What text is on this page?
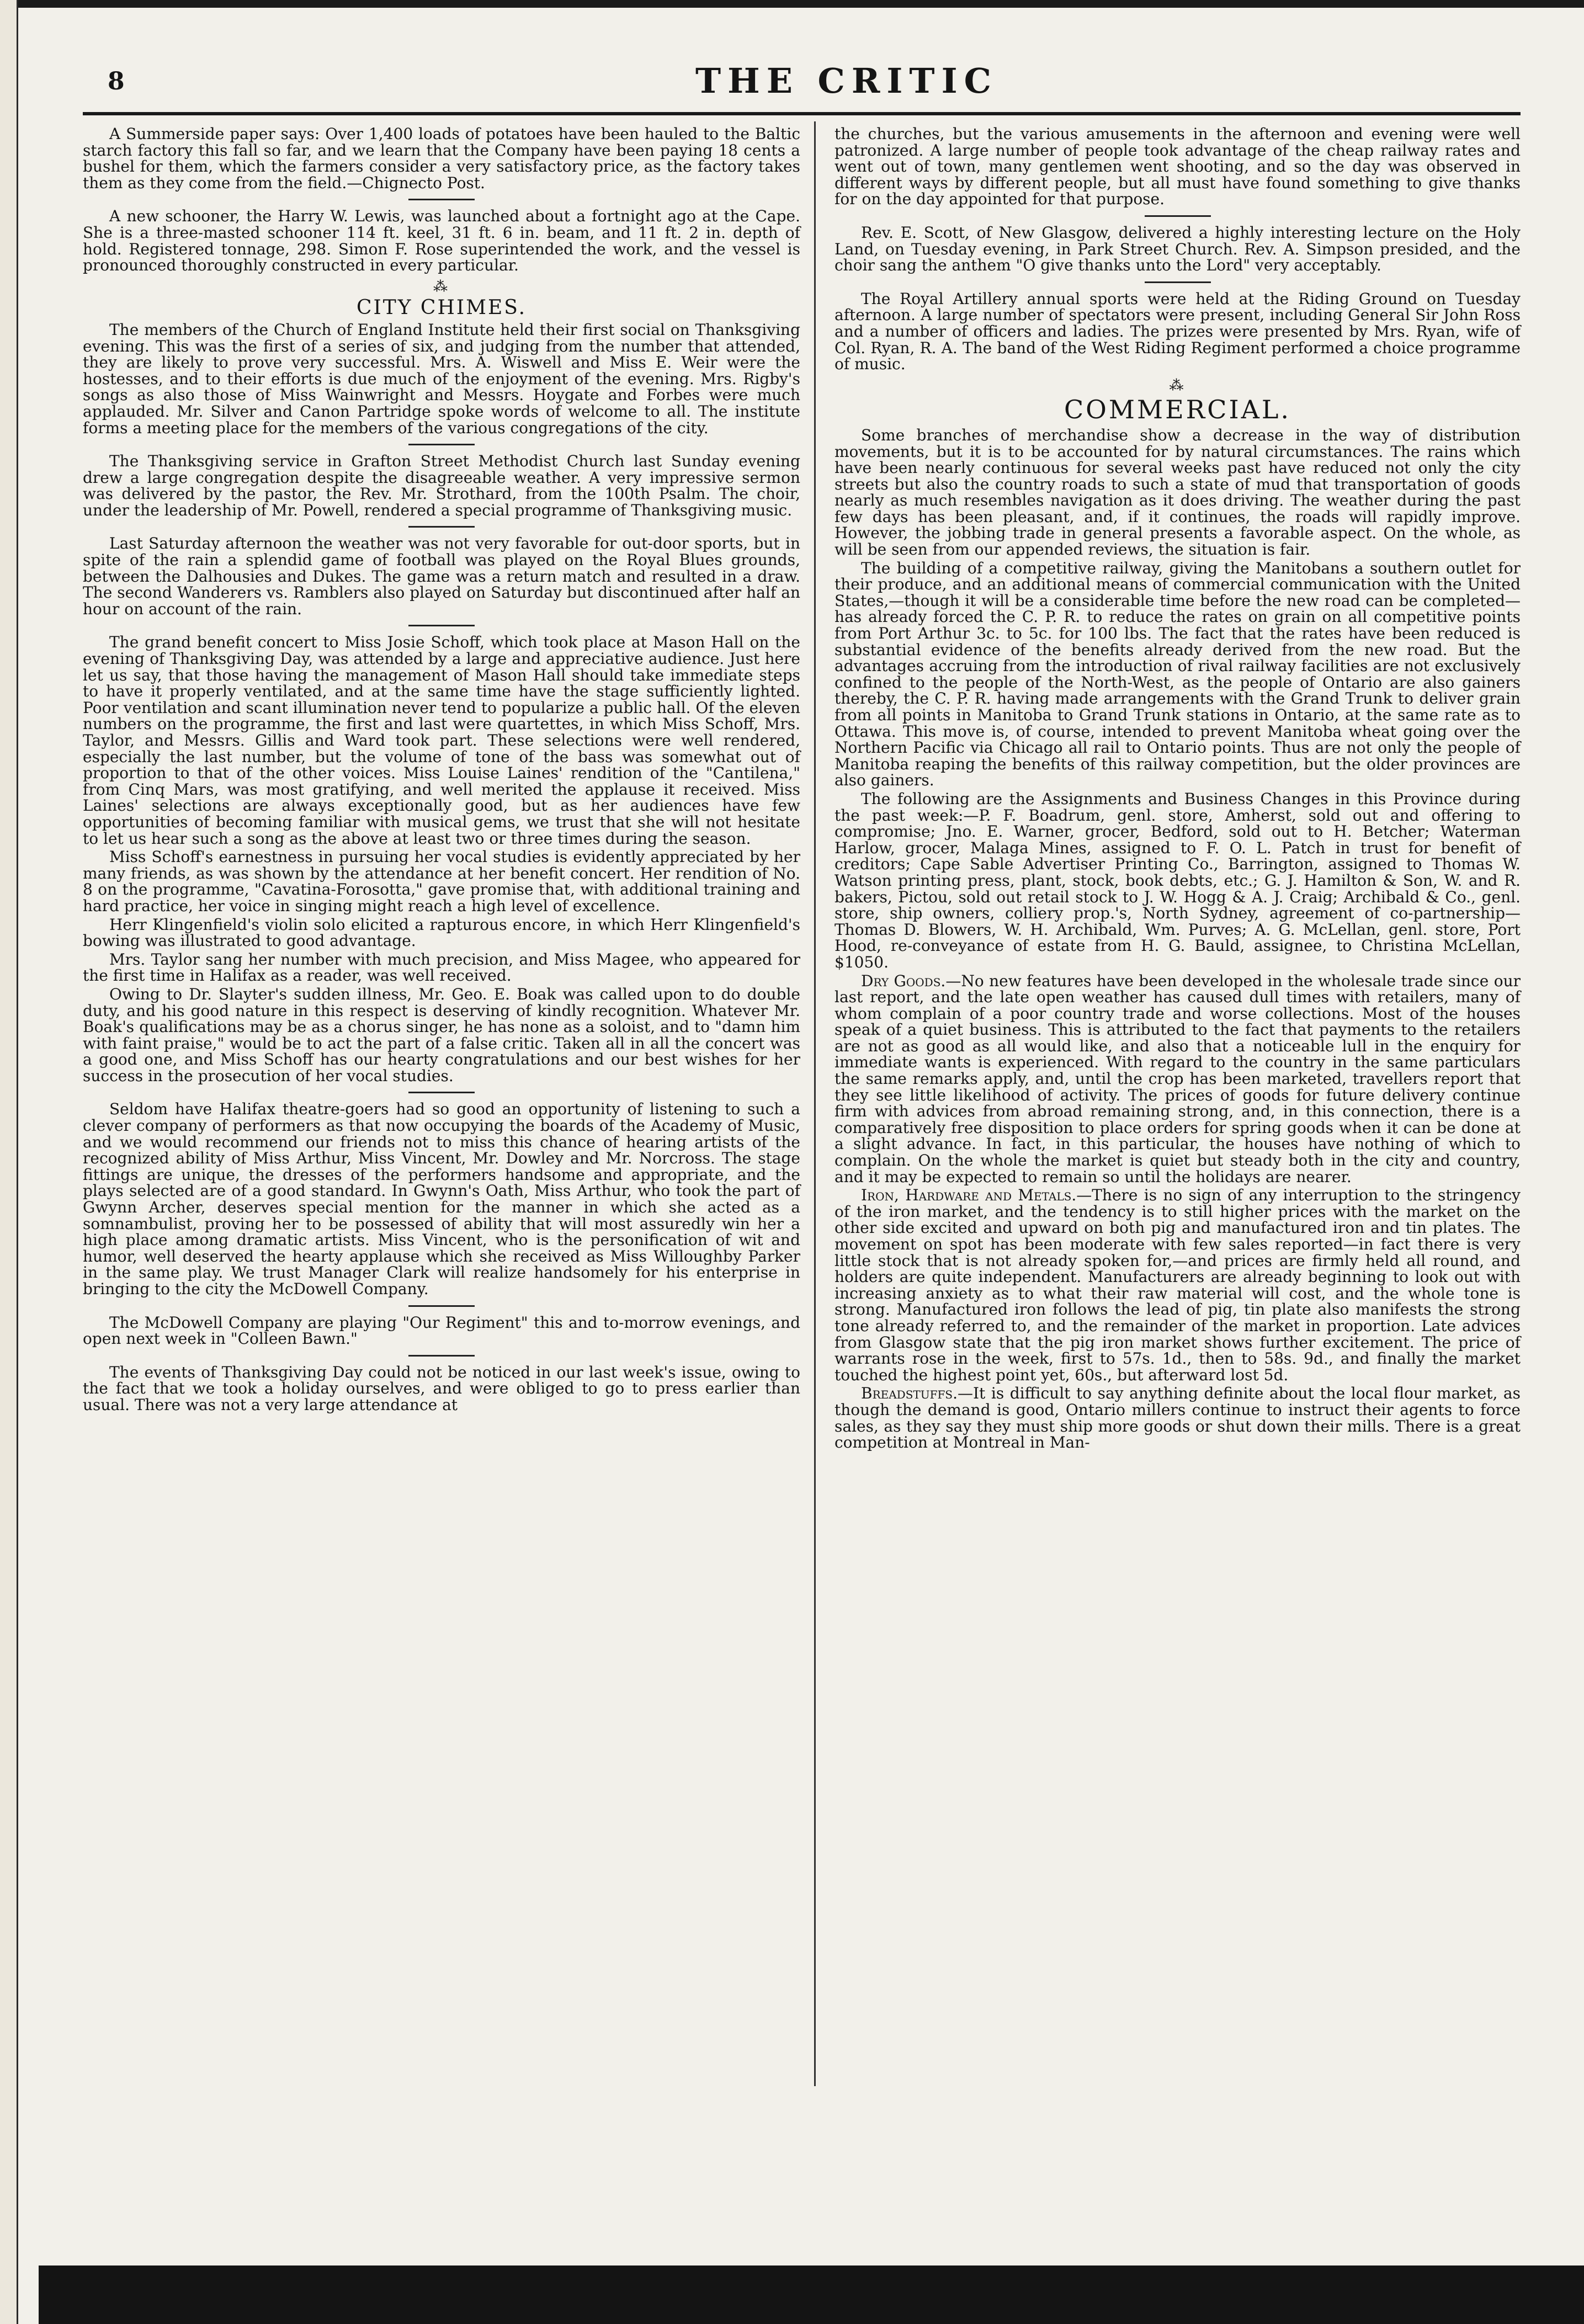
8	THE CRITIC

A Summerside paper says: Over 1,400 loads of potatoes have been hauled to the Baltic starch factory this fall so far, and we learn that the Company have been paying 18 cents a bushel for them, which the farmers consider a very satisfactory price, as the factory takes them as they come from the field.—Chignecto Post.

A new schooner, the Harry W. Lewis, was launched about a fortnight ago at the Cape. She is a three-masted schooner 114 ft. keel, 31 ft. 6 in. beam, and 11 ft. 2 in. depth of hold. Registered tonnage, 298. Simon F. Rose superintended the work, and the vessel is pronounced thoroughly constructed in every particular.

⁂
CITY CHIMES.

The members of the Church of England Institute held their first social on Thanksgiving evening. This was the first of a series of six, and judging from the number that attended, they are likely to prove very successful. Mrs. A. Wiswell and Miss E. Weir were the hostesses, and to their efforts is due much of the enjoyment of the evening. Mrs. Rigby's songs as also those of Miss Wainwright and Messrs. Hoygate and Forbes were much applauded. Mr. Silver and Canon Partridge spoke words of welcome to all. The institute forms a meeting place for the members of the various congregations of the city.

The Thanksgiving service in Grafton Street Methodist Church last Sunday evening drew a large congregation despite the disagreeable weather. A very impressive sermon was delivered by the pastor, the Rev. Mr. Strothard, from the 100th Psalm. The choir, under the leadership of Mr. Powell, rendered a special programme of Thanksgiving music.

Last Saturday afternoon the weather was not very favorable for out-door sports, but in spite of the rain a splendid game of football was played on the Royal Blues grounds, between the Dalhousies and Dukes. The game was a return match and resulted in a draw. The second Wanderers vs. Ramblers also played on Saturday but discontinued after half an hour on account of the rain.

The grand benefit concert to Miss Josie Schoff, which took place at Mason Hall on the evening of Thanksgiving Day, was attended by a large and appreciative audience. Just here let us say, that those having the management of Mason Hall should take immediate steps to have it properly ventilated, and at the same time have the stage sufficiently lighted. Poor ventilation and scant illumination never tend to popularize a public hall. Of the eleven numbers on the programme, the first and last were quartettes, in which Miss Schoff, Mrs. Taylor, and Messrs. Gillis and Ward took part. These selections were well rendered, especially the last number, but the volume of tone of the bass was somewhat out of proportion to that of the other voices. Miss Louise Laines' rendition of the "Cantilena," from Cinq Mars, was most gratifying, and well merited the applause it received. Miss Laines' selections are always exceptionally good, but as her audiences have few opportunities of becoming familiar with musical gems, we trust that she will not hesitate to let us hear such a song as the above at least two or three times during the season.

Miss Schoff's earnestness in pursuing her vocal studies is evidently appreciated by her many friends, as was shown by the attendance at her benefit concert. Her rendition of No. 8 on the programme, "Cavatina-Forosotta," gave promise that, with additional training and hard practice, her voice in singing might reach a high level of excellence.

Herr Klingenfield's violin solo elicited a rapturous encore, in which Herr Klingenfield's bowing was illustrated to good advantage.

Mrs. Taylor sang her number with much precision, and Miss Magee, who appeared for the first time in Halifax as a reader, was well received.

Owing to Dr. Slayter's sudden illness, Mr. Geo. E. Boak was called upon to do double duty, and his good nature in this respect is deserving of kindly recognition. Whatever Mr. Boak's qualifications may be as a chorus singer, he has none as a soloist, and to "damn him with faint praise," would be to act the part of a false critic. Taken all in all the concert was a good one, and Miss Schoff has our hearty congratulations and our best wishes for her success in the prosecution of her vocal studies.

Seldom have Halifax theatre-goers had so good an opportunity of listening to such a clever company of performers as that now occupying the boards of the Academy of Music, and we would recommend our friends not to miss this chance of hearing artists of the recognized ability of Miss Arthur, Miss Vincent, Mr. Dowley and Mr. Norcross. The stage fittings are unique, the dresses of the performers handsome and appropriate, and the plays selected are of a good standard. In Gwynn's Oath, Miss Arthur, who took the part of Gwynn Archer, deserves special mention for the manner in which she acted as a somnambulist, proving her to be possessed of ability that will most assuredly win her a high place among dramatic artists. Miss Vincent, who is the personification of wit and humor, well deserved the hearty applause which she received as Miss Willoughby Parker in the same play. We trust Manager Clark will realize handsomely for his enterprise in bringing to the city the McDowell Company.

The McDowell Company are playing "Our Regiment" this and to-morrow evenings, and open next week in "Colleen Bawn."

The events of Thanksgiving Day could not be noticed in our last week's issue, owing to the fact that we took a holiday ourselves, and were obliged to go to press earlier than usual. There was not a very large attendance at

the churches, but the various amusements in the afternoon and evening were well patronized. A large number of people took advantage of the cheap railway rates and went out of town, many gentlemen went shooting, and so the day was observed in different ways by different people, but all must have found something to give thanks for on the day appointed for that purpose.

Rev. E. Scott, of New Glasgow, delivered a highly interesting lecture on the Holy Land, on Tuesday evening, in Park Street Church. Rev. A. Simpson presided, and the choir sang the anthem "O give thanks unto the Lord" very acceptably.

The Royal Artillery annual sports were held at the Riding Ground on Tuesday afternoon. A large number of spectators were present, including General Sir John Ross and a number of officers and ladies. The prizes were presented by Mrs. Ryan, wife of Col. Ryan, R. A. The band of the West Riding Regiment performed a choice programme of music.

⁂
COMMERCIAL.

Some branches of merchandise show a decrease in the way of distribution movements, but it is to be accounted for by natural circumstances. The rains which have been nearly continuous for several weeks past have reduced not only the city streets but also the country roads to such a state of mud that transportation of goods nearly as much resembles navigation as it does driving. The weather during the past few days has been pleasant, and, if it continues, the roads will rapidly improve. However, the jobbing trade in general presents a favorable aspect. On the whole, as will be seen from our appended reviews, the situation is fair.

The building of a competitive railway, giving the Manitobans a southern outlet for their produce, and an additional means of commercial communication with the United States,—though it will be a considerable time before the new road can be completed—has already forced the C. P. R. to reduce the rates on grain on all competitive points from Port Arthur 3c. to 5c. for 100 lbs. The fact that the rates have been reduced is substantial evidence of the benefits already derived from the new road. But the advantages accruing from the introduction of rival railway facilities are not exclusively confined to the people of the North-West, as the people of Ontario are also gainers thereby, the C. P. R. having made arrangements with the Grand Trunk to deliver grain from all points in Manitoba to Grand Trunk stations in Ontario, at the same rate as to Ottawa. This move is, of course, intended to prevent Manitoba wheat going over the Northern Pacific via Chicago all rail to Ontario points. Thus are not only the people of Manitoba reaping the benefits of this railway competition, but the older provinces are also gainers.

The following are the Assignments and Business Changes in this Province during the past week:—P. F. Boadrum, genl. store, Amherst, sold out and offering to compromise; Jno. E. Warner, grocer, Bedford, sold out to H. Betcher; Waterman Harlow, grocer, Malaga Mines, assigned to F. O. L. Patch in trust for benefit of creditors; Cape Sable Advertiser Printing Co., Barrington, assigned to Thomas W. Watson printing press, plant, stock, book debts, etc.; G. J. Hamilton & Son, W. and R. bakers, Pictou, sold out retail stock to J. W. Hogg & A. J. Craig; Archibald & Co., genl. store, ship owners, colliery prop.'s, North Sydney, agreement of co-partnership—Thomas D. Blowers, W. H. Archibald, Wm. Purves; A. G. McLellan, genl. store, Port Hood, re-conveyance of estate from H. G. Bauld, assignee, to Christina McLellan, $1050.

Dry Goods.—No new features have been developed in the wholesale trade since our last report, and the late open weather has caused dull times with retailers, many of whom complain of a poor country trade and worse collections. Most of the houses speak of a quiet business. This is attributed to the fact that payments to the retailers are not as good as all would like, and also that a noticeable lull in the enquiry for immediate wants is experienced. With regard to the country in the same particulars the same remarks apply, and, until the crop has been marketed, travellers report that they see little likelihood of activity. The prices of goods for future delivery continue firm with advices from abroad remaining strong, and, in this connection, there is a comparatively free disposition to place orders for spring goods when it can be done at a slight advance. In fact, in this particular, the houses have nothing of which to complain. On the whole the market is quiet but steady both in the city and country, and it may be expected to remain so until the holidays are nearer.

Iron, Hardware and Metals.—There is no sign of any interruption to the stringency of the iron market, and the tendency is to still higher prices with the market on the other side excited and upward on both pig and manufactured iron and tin plates. The movement on spot has been moderate with few sales reported—in fact there is very little stock that is not already spoken for,—and prices are firmly held all round, and holders are quite independent. Manufacturers are already beginning to look out with increasing anxiety as to what their raw material will cost, and the whole tone is strong. Manufactured iron follows the lead of pig, tin plate also manifests the strong tone already referred to, and the remainder of the market in proportion. Late advices from Glasgow state that the pig iron market shows further excitement. The price of warrants rose in the week, first to 57s. 1d., then to 58s. 9d., and finally the market touched the highest point yet, 60s., but afterward lost 5d.

Breadstuffs.—It is difficult to say anything definite about the local flour market, as though the demand is good, Ontario millers continue to instruct their agents to force sales, as they say they must ship more goods or shut down their mills. There is a great competition at Montreal in Man-
